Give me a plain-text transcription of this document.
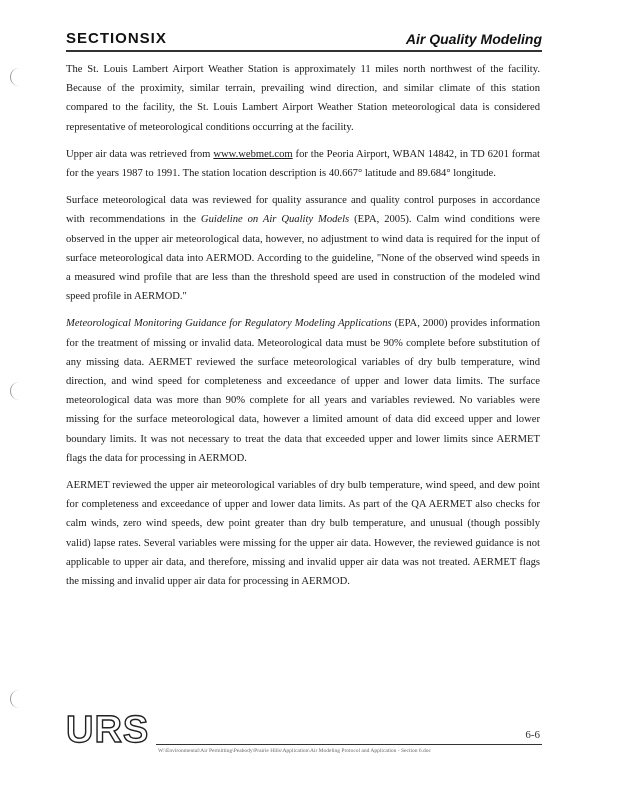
SECTIONSIX	Air Quality Modeling

The St. Louis Lambert Airport Weather Station is approximately 11 miles north northwest of the facility. Because of the proximity, similar terrain, prevailing wind direction, and similar climate of this station compared to the facility, the St. Louis Lambert Airport Weather Station meteorological data is considered representative of meteorological conditions occurring at the facility.

Upper air data was retrieved from www.webmet.com for the Peoria Airport, WBAN 14842, in TD 6201 format for the years 1987 to 1991. The station location description is 40.667° latitude and 89.684° longitude.

Surface meteorological data was reviewed for quality assurance and quality control purposes in accordance with recommendations in the Guideline on Air Quality Models (EPA, 2005). Calm wind conditions were observed in the upper air meteorological data, however, no adjustment to wind data is required for the input of surface meteorological data into AERMOD. According to the guideline, "None of the observed wind speeds in a measured wind profile that are less than the threshold speed are used in construction of the modeled wind speed profile in AERMOD."

Meteorological Monitoring Guidance for Regulatory Modeling Applications (EPA, 2000) provides information for the treatment of missing or invalid data. Meteorological data must be 90% complete before substitution of any missing data. AERMET reviewed the surface meteorological variables of dry bulb temperature, wind direction, and wind speed for completeness and exceedance of upper and lower data limits. The surface meteorological data was more than 90% complete for all years and variables reviewed. No variables were missing for the surface meteorological data, however a limited amount of data did exceed upper and lower boundary limits. It was not necessary to treat the data that exceeded upper and lower limits since AERMET flags the data for processing in AERMOD.

AERMET reviewed the upper air meteorological variables of dry bulb temperature, wind speed, and dew point for completeness and exceedance of upper and lower data limits. As part of the QA AERMET also checks for calm winds, zero wind speeds, dew point greater than dry bulb temperature, and unusual (though possibly valid) lapse rates. Several variables were missing for the upper air data. However, the reviewed guidance is not applicable to upper air data, and therefore, missing and invalid upper air data was not treated. AERMET flags the missing and invalid upper air data for processing in AERMOD.

URS	6-6
W:\Environmental\Air Permitting\Peabody\Prairie Hills\Application\Air Modeling Protocol and Application - Section 6.doc
